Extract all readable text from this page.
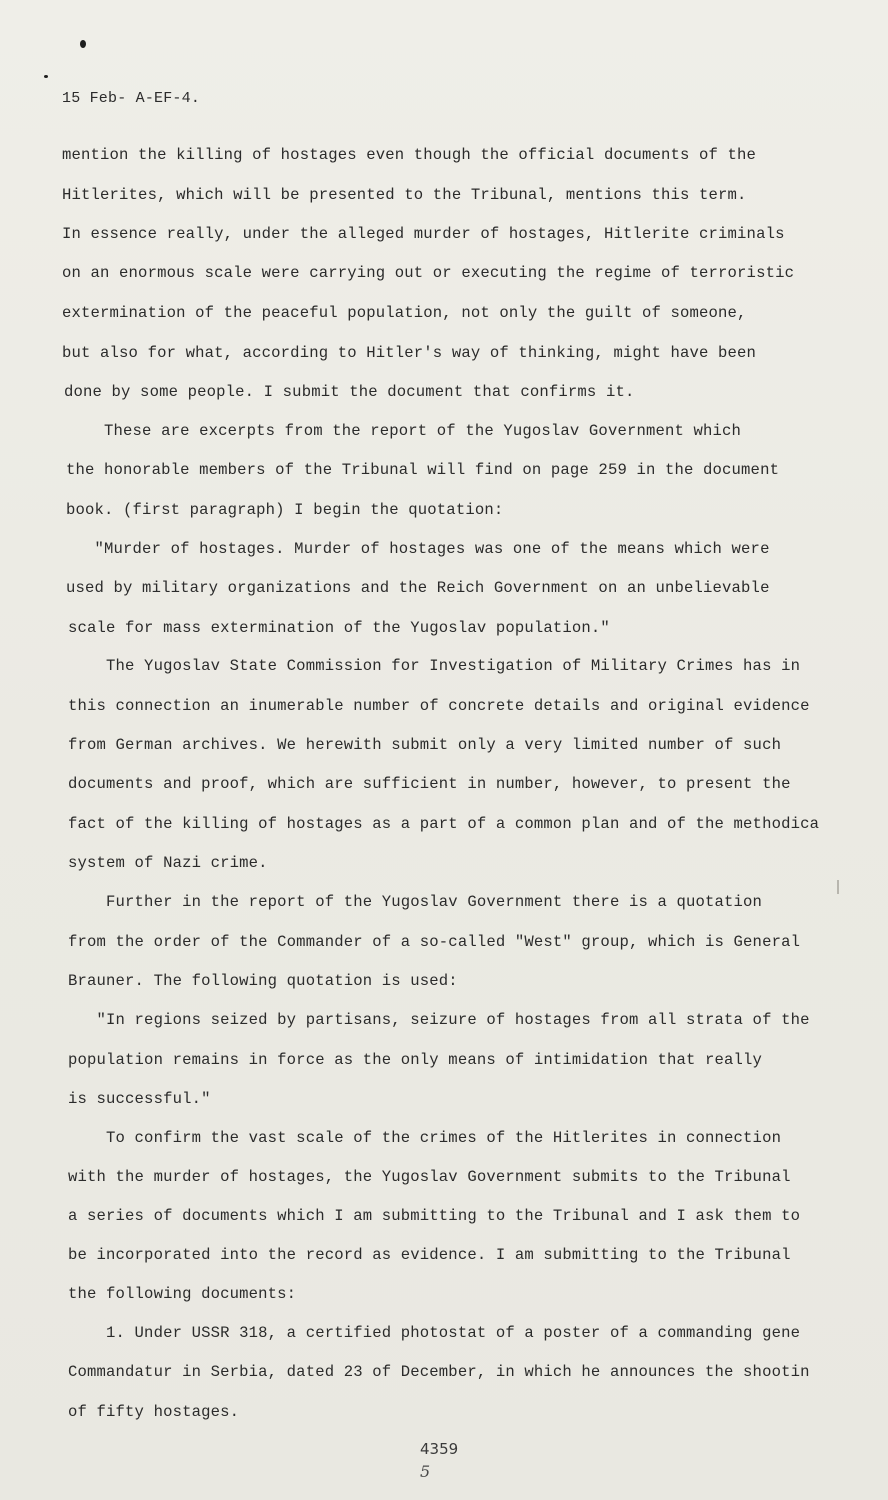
15 Feb- A-EF-4.
mention the killing of hostages even though the official documents of the
Hitlerites, which will be presented to the Tribunal, mentions this term.
In essence really, under the alleged murder of hostages, Hitlerite criminals
on an enormous scale were carrying out or executing the regime of terroristic
extermination of the peaceful population, not only the guilt of someone,
but also for what, according to Hitler's way of thinking, might have been
done by some people. I submit the document that confirms it.
These are excerpts from the report of the Yugoslav Government which
the honorable members of the Tribunal will find on page 259 in the document
book. (first paragraph) I begin the quotation:
"Murder of hostages. Murder of hostages was one of the means which were
used by military organizations and the Reich Government on an unbelievable
scale for mass extermination of the Yugoslav population."
The Yugoslav State Commission for Investigation of Military Crimes has in
this connection an inumerable number of concrete details and original evidence
from German archives. We herewith submit only a very limited number of such
documents and proof, which are sufficient in number, however, to present the
fact of the killing of hostages as a part of a common plan and of the methodica
system of Nazi crime.
Further in the report of the Yugoslav Government there is a quotation
from the order of the Commander of a so-called "West" group, which is General
Brauner. The following quotation is used:
"In regions seized by partisans, seizure of hostages from all strata of the
population remains in force as the only means of intimidation that really
is successful."
To confirm the vast scale of the crimes of the Hitlerites in connection
with the murder of hostages, the Yugoslav Government submits to the Tribunal
a series of documents which I am submitting to the Tribunal and I ask them to
be incorporated into the record as evidence. I am submitting to the Tribunal
the following documents:
1. Under USSR 318, a certified photostat of a poster of a commanding gene
Commandatur in Serbia, dated 23 of December, in which he announces the shootin
of fifty hostages.
4359
5
